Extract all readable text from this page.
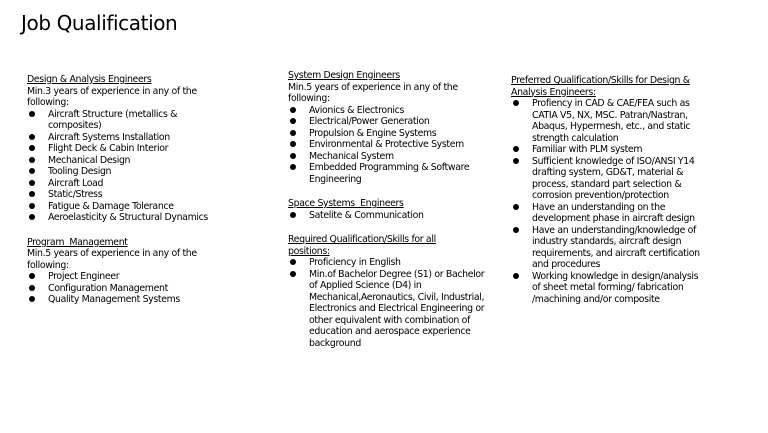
Job Qualification
Design & Analysis Engineers
Min.3 years of experience in any of the following:
Aircraft Structure (metallics & composites)
Aircraft Systems Installation
Flight Deck & Cabin Interior
Mechanical Design
Tooling Design
Aircraft Load
Static/Stress
Fatigue & Damage Tolerance
Aeroelasticity & Structural Dynamics
Program  Management
Min.5 years of experience in any of the following:
Project Engineer
Configuration Management
Quality Management Systems
System Design Engineers
Min.5 years of experience in any of the following:
Avionics & Electronics
Electrical/Power Generation
Propulsion & Engine Systems
Environmental & Protective System
Mechanical System
Embedded Programming & Software Engineering
Space Systems  Engineers
Satelite & Communication
Required Qualification/Skills for all positions:
Proficiency in English
Min.of Bachelor Degree (S1) or Bachelor of Applied Science (D4) in Mechanical,Aeronautics, Civil, Industrial, Electronics and Electrical Engineering or other equivalent with combination of education and aerospace experience background
Preferred Qualification/Skills for Design & Analysis Engineers:
Profiency in CAD & CAE/FEA such as CATIA V5, NX, MSC. Patran/Nastran, Abaqus, Hypermesh, etc., and static strength calculation
Familiar with PLM system
Sufficient knowledge of ISO/ANSI Y14 drafting system, GD&T, material & process, standard part selection & corrosion prevention/protection
Have an understanding on the development phase in aircraft design
Have an understanding/knowledge of industry standards, aircraft design requirements, and aircraft certification and procedures
Working knowledge in design/analysis of sheet metal forming/ fabrication /machining and/or composite
